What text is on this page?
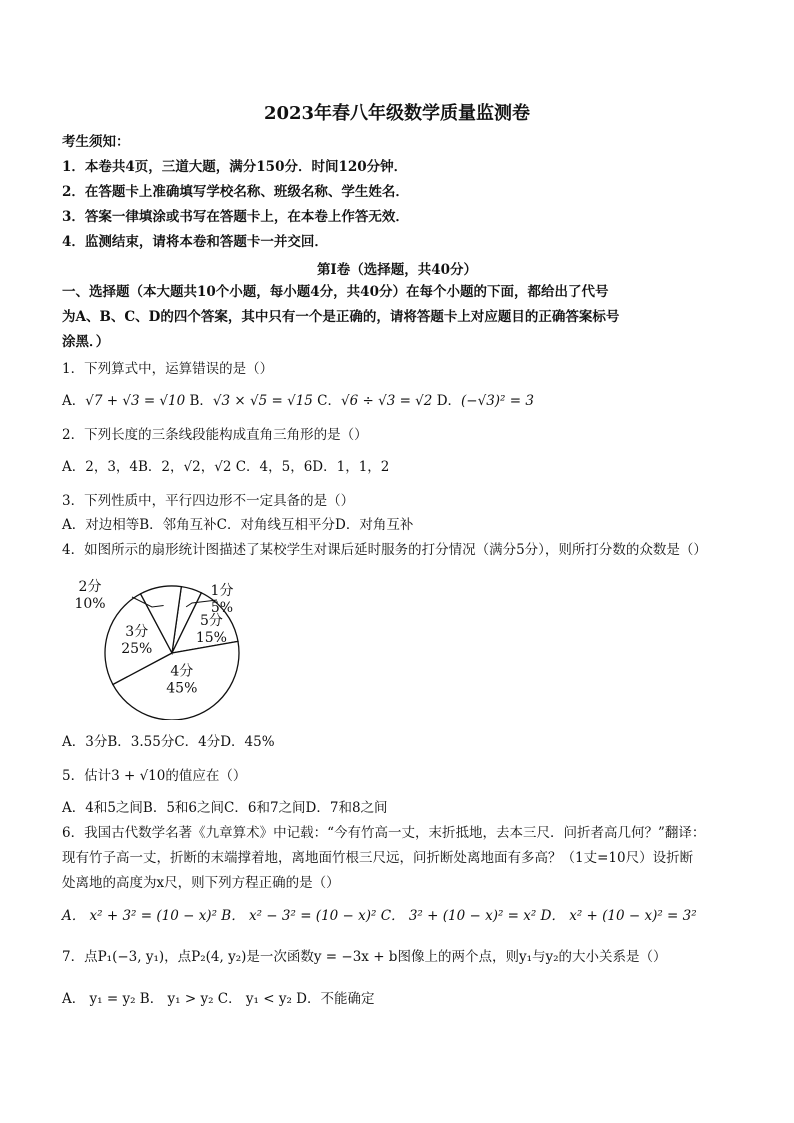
2023年春八年级数学质量监测卷
考生须知：
1．本卷共4页，三道大题，满分150分．时间120分钟．
2．在答题卡上准确填写学校名称、班级名称、学生姓名．
3．答案一律填涂或书写在答题卡上，在本卷上作答无效．
4．监测结束，请将本卷和答题卡一并交回．
第Ⅰ卷（选择题，共40分）
一、选择题（本大题共10个小题，每小题4分，共40分）在每个小题的下面，都给出了代号
为A、B、C、D的四个答案，其中只有一个是正确的，请将答题卡上对应题目的正确答案标号
涂黑．）
1．下列算式中，运算错误的是（）
A．√7 + √3 = √10 B．√3 × √5 = √15 C．√6 ÷ √3 = √2 D．(−√3)² = 3
2．下列长度的三条线段能构成直角三角形的是（）
A．2，3，4B．2，√2，√2 C．4，5，6D．1，1，2
3．下列性质中，平行四边形不一定具备的是（）
A．对边相等B．邻角互补C．对角线互相平分D．对角互补
4．如图所示的扇形统计图描述了某校学生对课后延时服务的打分情况（满分5分），则所打分数的众数是（）
1分
5%
5分
15%
4分
45%
3分
25%
2分
10%
A．3分B．3.55分C．4分D．45%
5．估计3 + √10的值应在（）
A．4和5之间B．5和6之间C．6和7之间D．7和8之间
6．我国古代数学名著《九章算术》中记载：“今有竹高一丈，末折抵地，去本三尺．问折者高几何？”翻译：
现有竹子高一丈，折断的末端撑着地，离地面竹根三尺远，问折断处离地面有多高？（1丈=10尺）设折断
处离地的高度为x尺，则下列方程正确的是（）
A． x² + 3² = (10 − x)² B． x² − 3² = (10 − x)² C． 3² + (10 − x)² = x² D． x² + (10 − x)² = 3²
7．点P₁(−3, y₁)，点P₂(4, y₂)是一次函数y = −3x + b图像上的两个点，则y₁与y₂的大小关系是（）
A． y₁ = y₂ B． y₁ > y₂ C． y₁ < y₂ D．不能确定
